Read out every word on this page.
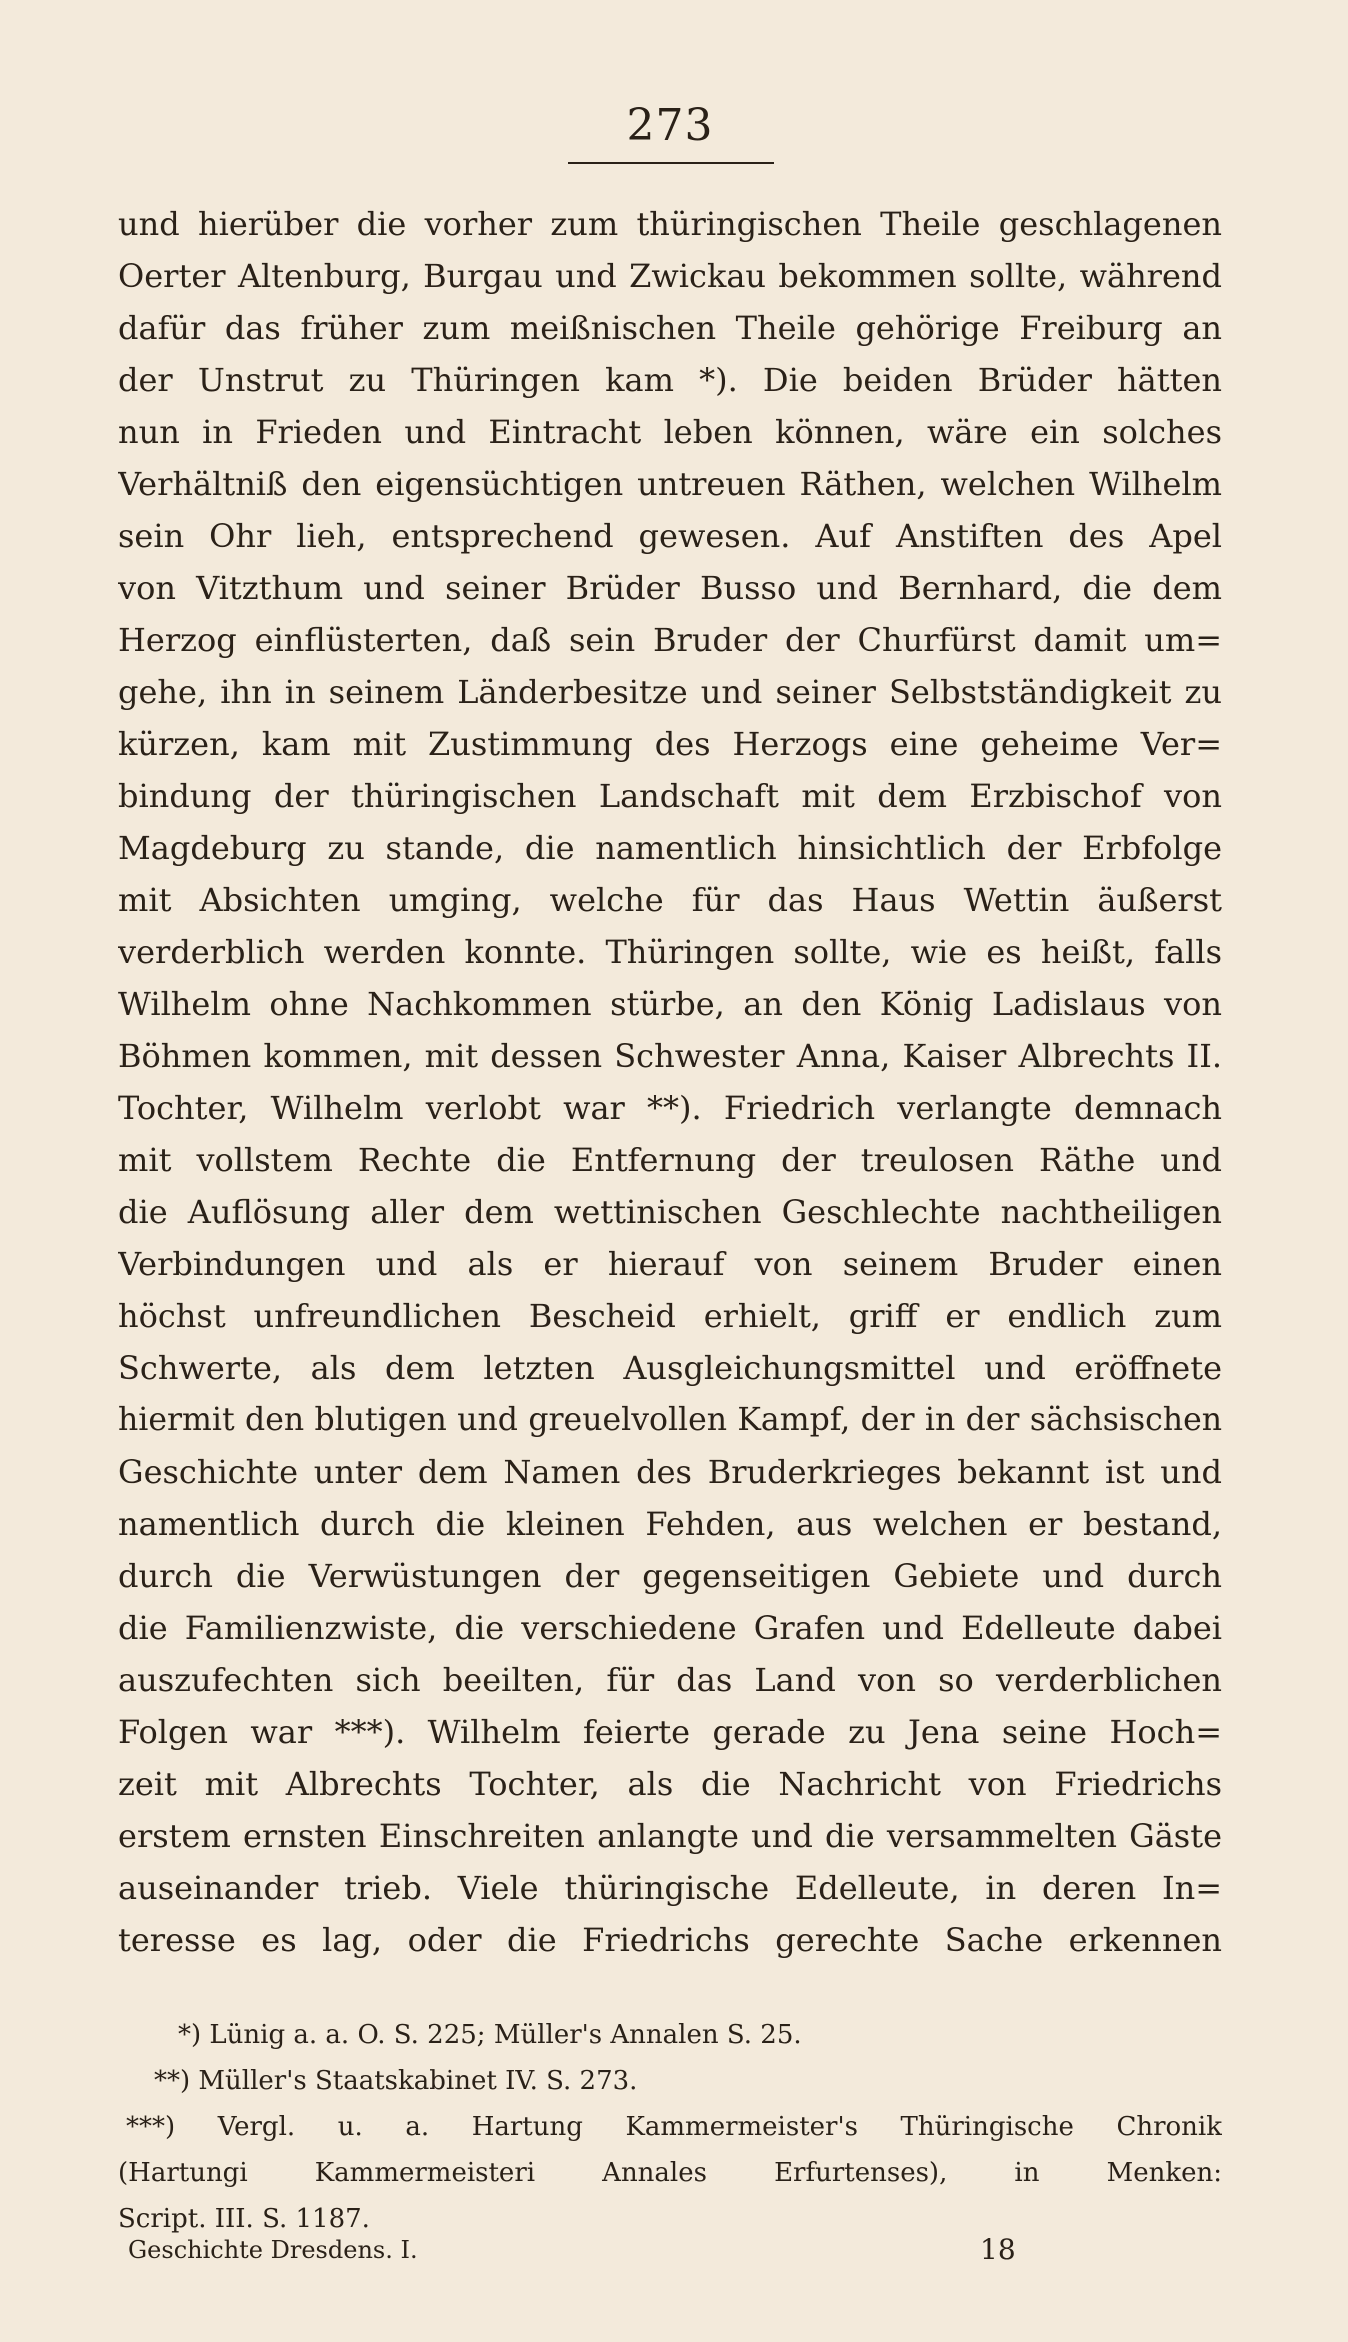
273
und hierüber die vorher zum thüringischen Theile geschlagenen
Oerter Altenburg, Burgau und Zwickau bekommen sollte, während
dafür das früher zum meißnischen Theile gehörige Freiburg an
der Unstrut zu Thüringen kam *). Die beiden Brüder hätten
nun in Frieden und Eintracht leben können, wäre ein solches
Verhältniß den eigensüchtigen untreuen Räthen, welchen Wilhelm
sein Ohr lieh, entsprechend gewesen. Auf Anstiften des Apel
von Vitzthum und seiner Brüder Busso und Bernhard, die dem
Herzog einflüsterten, daß sein Bruder der Churfürst damit um=
gehe, ihn in seinem Länderbesitze und seiner Selbstständigkeit zu
kürzen, kam mit Zustimmung des Herzogs eine geheime Ver=
bindung der thüringischen Landschaft mit dem Erzbischof von
Magdeburg zu stande, die namentlich hinsichtlich der Erbfolge
mit Absichten umging, welche für das Haus Wettin äußerst
verderblich werden konnte. Thüringen sollte, wie es heißt, falls
Wilhelm ohne Nachkommen stürbe, an den König Ladislaus von
Böhmen kommen, mit dessen Schwester Anna, Kaiser Albrechts II.
Tochter, Wilhelm verlobt war **). Friedrich verlangte demnach
mit vollstem Rechte die Entfernung der treulosen Räthe und
die Auflösung aller dem wettinischen Geschlechte nachtheiligen
Verbindungen und als er hierauf von seinem Bruder einen
höchst unfreundlichen Bescheid erhielt, griff er endlich zum
Schwerte, als dem letzten Ausgleichungsmittel und eröffnete
hiermit den blutigen und greuelvollen Kampf, der in der sächsischen
Geschichte unter dem Namen des Bruderkrieges bekannt ist und
namentlich durch die kleinen Fehden, aus welchen er bestand,
durch die Verwüstungen der gegenseitigen Gebiete und durch
die Familienzwiste, die verschiedene Grafen und Edelleute dabei
auszufechten sich beeilten, für das Land von so verderblichen
Folgen war ***). Wilhelm feierte gerade zu Jena seine Hoch=
zeit mit Albrechts Tochter, als die Nachricht von Friedrichs
erstem ernsten Einschreiten anlangte und die versammelten Gäste
auseinander trieb. Viele thüringische Edelleute, in deren In=
teresse es lag, oder die Friedrichs gerechte Sache erkennen
*) Lünig a. a. O. S. 225; Müller's Annalen S. 25.
**) Müller's Staatskabinet IV. S. 273.
***) Vergl. u. a. Hartung Kammermeister's Thüringische Chronik
(Hartungi Kammermeisteri Annales Erfurtenses), in Menken:
Script. III. S. 1187.
Geschichte Dresdens. I.	18
